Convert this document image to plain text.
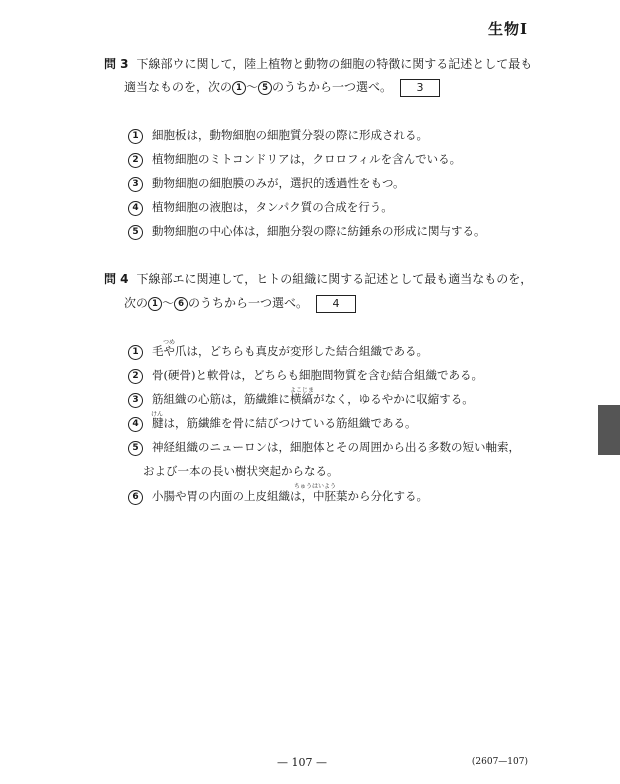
生物Ⅰ
問 3 下線部ウに関して，陸上植物と動物の細胞の特徴に関する記述として最も
適当なものを，次の 1 ～ 5 のうちから一つ選べ。 3
1 細胞板は，動物細胞の細胞質分裂の際に形成される。
2 植物細胞のミトコンドリアは，クロロフィルを含んでいる。
3 動物細胞の細胞膜のみが，選択的透過性をもつ。
4 植物細胞の液胞は，タンパク質の合成を行う。
5 動物細胞の中心体は，細胞分裂の際に紡錘糸の形成に関与する。
問 4 下線部エに関連して，ヒトの組織に関する記述として最も適当なものを，
次の 1 ～ 6 のうちから一つ選べ。 4
つめ
1 毛や爪は，どちらも真皮が変形した結合組織である。
2 骨(硬骨)と軟骨は，どちらも細胞間物質を含む結合組織である。
よこじま
3 筋組織の心筋は，筋繊維に横縞がなく，ゆるやかに収縮する。
けん
4 腱は，筋繊維を骨に結びつけている筋組織である。
5 神経組織のニューロンは，細胞体とその周囲から出る多数の短い軸索，
および一本の長い樹状突起からなる。
ちゅうはいよう
6 小腸や胃の内面の上皮組織は，中胚葉から分化する。
— 107 —	(2607—107)
